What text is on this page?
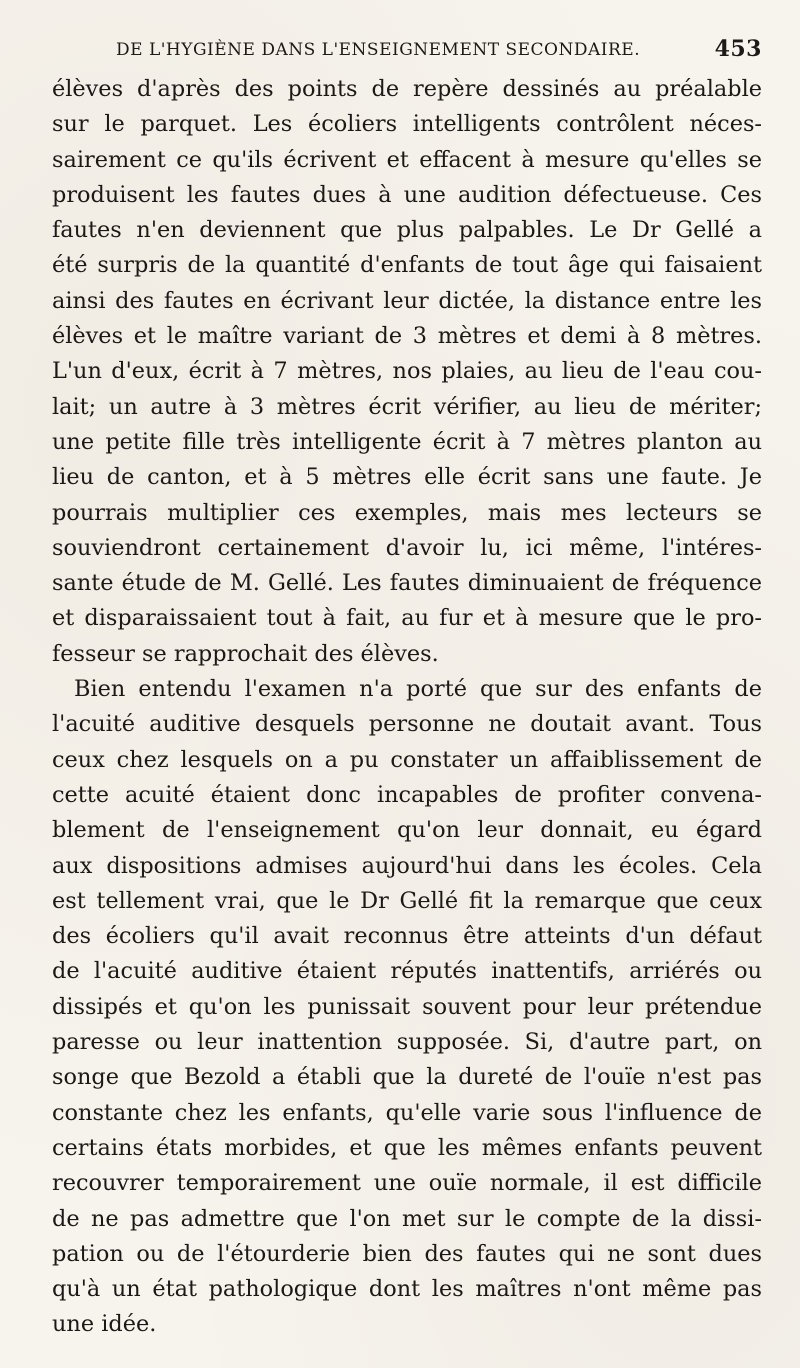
DE L'HYGIÈNE DANS L'ENSEIGNEMENT SECONDAIRE.	453
élèves d'après des points de repère dessinés au préalable
sur le parquet. Les écoliers intelligents contrôlent néces-
sairement ce qu'ils écrivent et effacent à mesure qu'elles se
produisent les fautes dues à une audition défectueuse. Ces
fautes n'en deviennent que plus palpables. Le Dr Gellé a
été surpris de la quantité d'enfants de tout âge qui faisaient
ainsi des fautes en écrivant leur dictée, la distance entre les
élèves et le maître variant de 3 mètres et demi à 8 mètres.
L'un d'eux, écrit à 7 mètres, nos plaies, au lieu de l'eau cou-
lait; un autre à 3 mètres écrit vérifier, au lieu de mériter;
une petite fille très intelligente écrit à 7 mètres planton au
lieu de canton, et à 5 mètres elle écrit sans une faute. Je
pourrais multiplier ces exemples, mais mes lecteurs se
souviendront certainement d'avoir lu, ici même, l'intéres-
sante étude de M. Gellé. Les fautes diminuaient de fréquence
et disparaissaient tout à fait, au fur et à mesure que le pro-
fesseur se rapprochait des élèves.
Bien entendu l'examen n'a porté que sur des enfants de
l'acuité auditive desquels personne ne doutait avant. Tous
ceux chez lesquels on a pu constater un affaiblissement de
cette acuité étaient donc incapables de profiter convena-
blement de l'enseignement qu'on leur donnait, eu égard
aux dispositions admises aujourd'hui dans les écoles. Cela
est tellement vrai, que le Dr Gellé fit la remarque que ceux
des écoliers qu'il avait reconnus être atteints d'un défaut
de l'acuité auditive étaient réputés inattentifs, arriérés ou
dissipés et qu'on les punissait souvent pour leur prétendue
paresse ou leur inattention supposée. Si, d'autre part, on
songe que Bezold a établi que la dureté de l'ouïe n'est pas
constante chez les enfants, qu'elle varie sous l'influence de
certains états morbides, et que les mêmes enfants peuvent
recouvrer temporairement une ouïe normale, il est difficile
de ne pas admettre que l'on met sur le compte de la dissi-
pation ou de l'étourderie bien des fautes qui ne sont dues
qu'à un état pathologique dont les maîtres n'ont même pas
une idée.
